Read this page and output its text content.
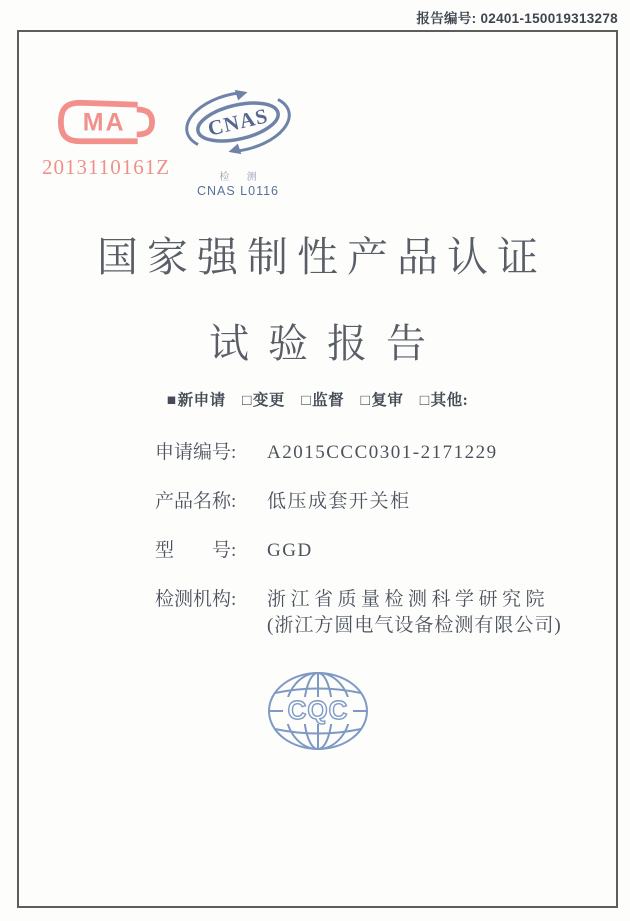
报告编号: 02401-150019313278
MA
2013110161Z
CNAS
检 测
CNAS L0116
国家强制性产品认证
试验报告
■新申请 □变更 □监督 □复审 □其他:
申请编号:	A2015CCC0301-2171229
产品名称:	低压成套开关柜
型　　号:	GGD
检测机构:	浙江省质量检测科学研究院
(浙江方圆电气设备检测有限公司)
CQC
